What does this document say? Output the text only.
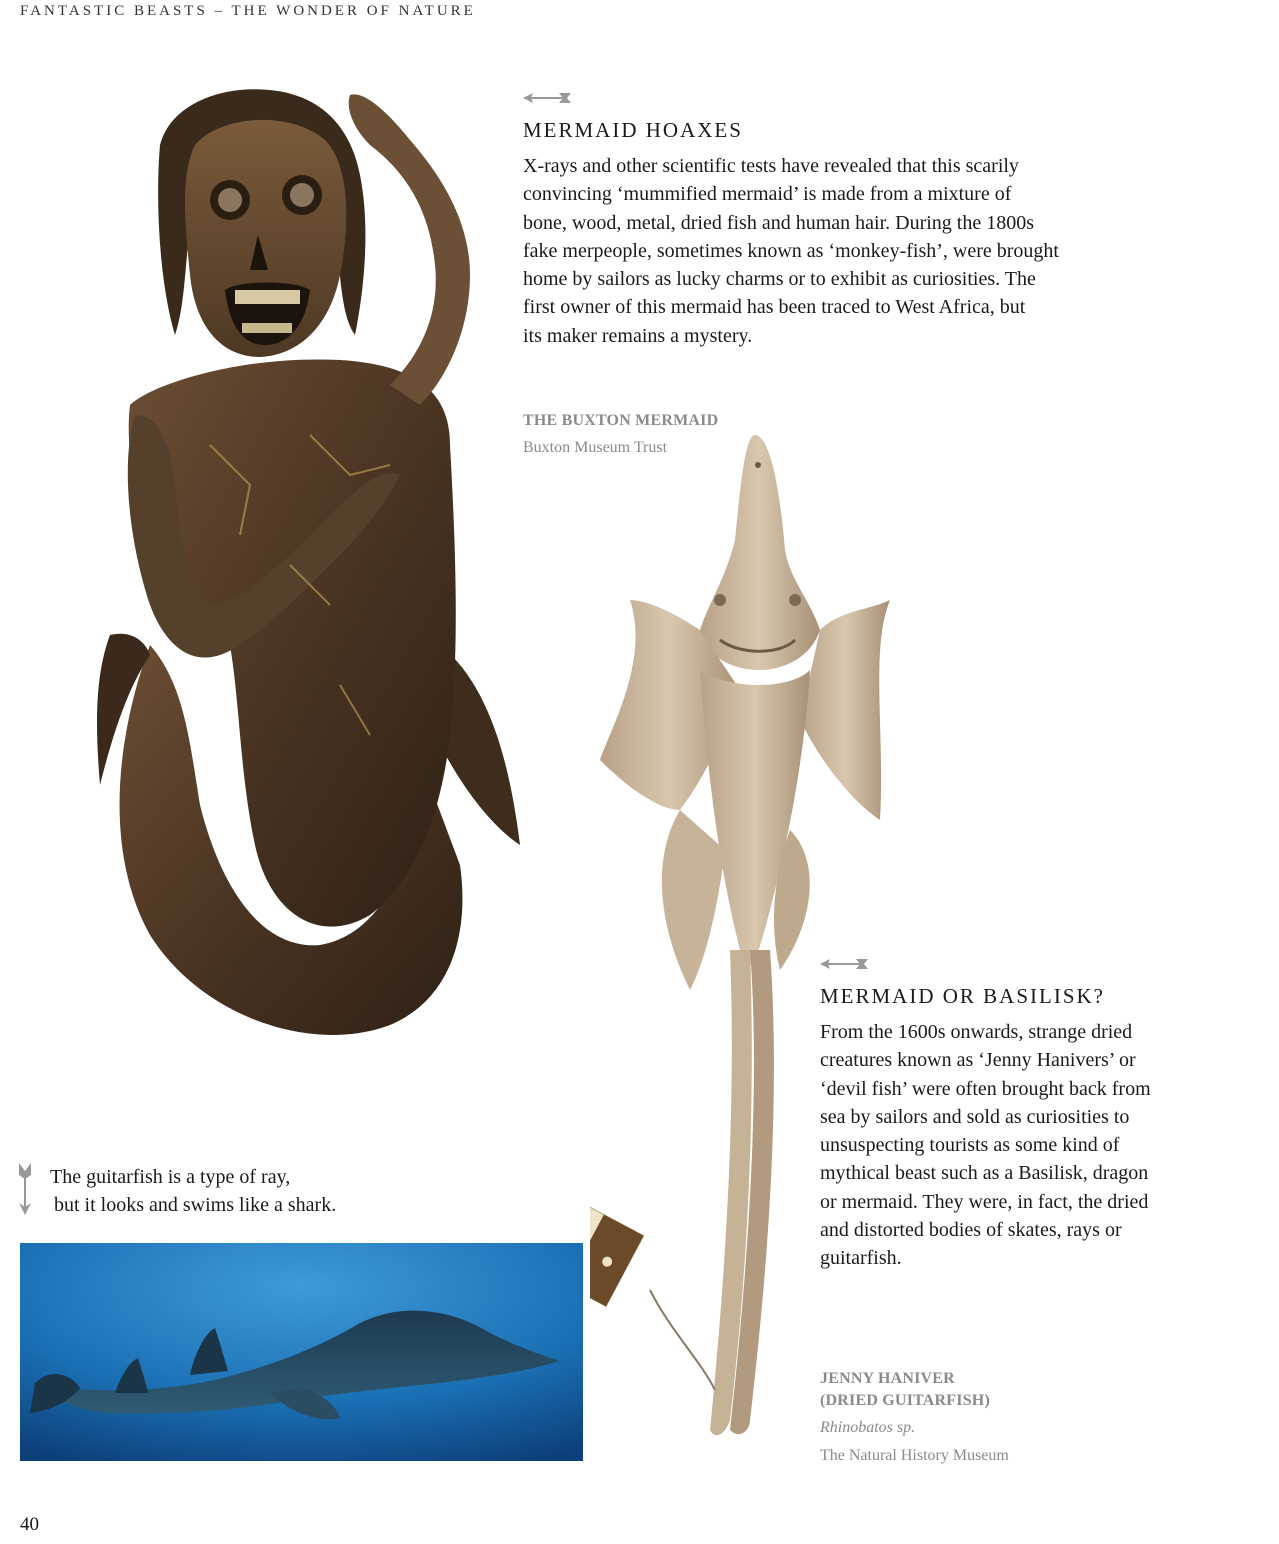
FANTASTIC BEASTS – THE WONDER OF NATURE
MERMAID HOAXES
X-rays and other scientific tests have revealed that this scarily
convincing ‘mummified mermaid’ is made from a mixture of
bone, wood, metal, dried fish and human hair. During the 1800s
fake merpeople, sometimes known as ‘monkey-fish’, were brought
home by sailors as lucky charms or to exhibit as curiosities. The
first owner of this mermaid has been traced to West Africa, but
its maker remains a mystery.
THE BUXTON MERMAID
Buxton Museum Trust
MERMAID OR BASILISK?
From the 1600s onwards, strange dried
creatures known as ‘Jenny Hanivers’ or
‘devil fish’ were often brought back from
sea by sailors and sold as curiosities to
unsuspecting tourists as some kind of
mythical beast such as a Basilisk, dragon
or mermaid. They were, in fact, the dried
and distorted bodies of skates, rays or
guitarfish.
JENNY HANIVER
(DRIED GUITARFISH)
Rhinobatos sp.
The Natural History Museum
The guitarfish is a type of ray,
but it looks and swims like a shark.
40
